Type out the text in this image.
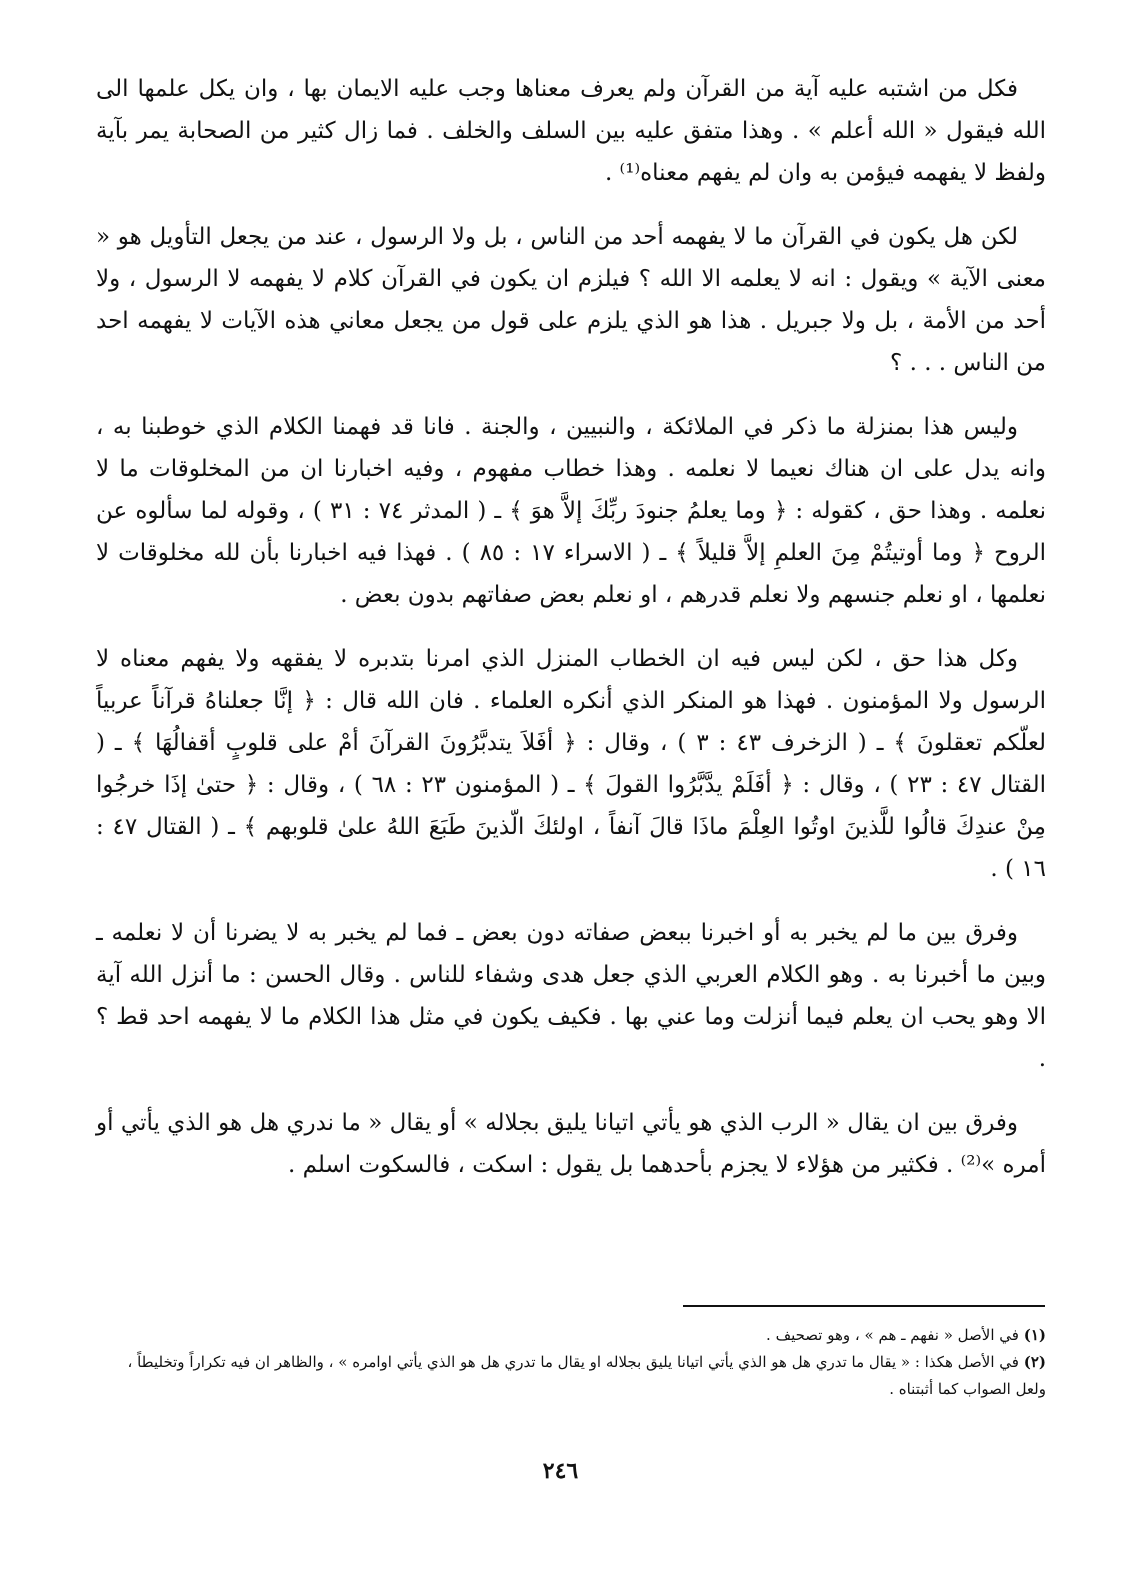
فكل من اشتبه عليه آية من القرآن ولم يعرف معناها وجب عليه الايمان بها ، وان يكل علمها الى الله فيقول « الله أعلم » . وهذا متفق عليه بين السلف والخلف . فما زال كثير من الصحابة يمر بآية ولفظ لا يفهمه فيؤمن به وان لم يفهم معناه⁽¹⁾ .

لكن هل يكون في القرآن ما لا يفهمه أحد من الناس ، بل ولا الرسول ، عند من يجعل التأويل هو « معنى الآية » ويقول : انه لا يعلمه الا الله ؟ فيلزم ان يكون في القرآن كلام لا يفهمه لا الرسول ، ولا أحد من الأمة ، بل ولا جبريل . هذا هو الذي يلزم على قول من يجعل معاني هذه الآيات لا يفهمه احد من الناس . . . ؟

وليس هذا بمنزلة ما ذكر في الملائكة ، والنبيين ، والجنة . فانا قد فهمنا الكلام الذي خوطبنا به ، وانه يدل على ان هناك نعيما لا نعلمه . وهذا خطاب مفهوم ، وفيه اخبارنا ان من المخلوقات ما لا نعلمه . وهذا حق ، كقوله : ﴿ وما يعلمُ جنودَ ربِّكَ إلاَّ هوَ ﴾ ـ ( المدثر ٧٤ : ٣١ ) ، وقوله لما سألوه عن الروح ﴿ وما أوتيتُمْ مِنَ العلمِ إلاَّ قليلاً ﴾ ـ ( الاسراء ١٧ : ٨٥ ) . فهذا فيه اخبارنا بأن لله مخلوقات لا نعلمها ، او نعلم جنسهم ولا نعلم قدرهم ، او نعلم بعض صفاتهم بدون بعض .

وكل هذا حق ، لكن ليس فيه ان الخطاب المنزل الذي امرنا بتدبره لا يفقهه ولا يفهم معناه لا الرسول ولا المؤمنون . فهذا هو المنكر الذي أنكره العلماء . فان الله قال : ﴿ إنَّا جعلناهُ قرآناً عربياً لعلّكم تعقلونَ ﴾ ـ ( الزخرف ٤٣ : ٣ ) ، وقال : ﴿ أفَلاَ يتدبَّرُونَ القرآنَ أمْ على قلوبٍ أقفالُهَا ﴾ ـ ( القتال ٤٧ : ٢٣ ) ، وقال : ﴿ أفَلَمْ يدَّبَّرُوا القولَ ﴾ ـ ( المؤمنون ٢٣ : ٦٨ ) ، وقال : ﴿ حتىٰ إذَا خرجُوا مِنْ عندِكَ قالُوا للَّذينَ اوتُوا العِلْمَ ماذَا قالَ آنفاً ، اولئكَ الّذينَ طَبَعَ اللهُ علىٰ قلوبهم ﴾ ـ ( القتال ٤٧ : ١٦ ) .

وفرق بين ما لم يخبر به أو اخبرنا ببعض صفاته دون بعض ـ فما لم يخبر به لا يضرنا أن لا نعلمه ـ وبين ما أخبرنا به . وهو الكلام العربي الذي جعل هدى وشفاء للناس . وقال الحسن : ما أنزل الله آية الا وهو يحب ان يعلم فيما أنزلت وما عني بها . فكيف يكون في مثل هذا الكلام ما لا يفهمه احد قط ؟ .

وفرق بين ان يقال « الرب الذي هو يأتي اتيانا يليق بجلاله » أو يقال « ما ندري هل هو الذي يأتي أو أمره »⁽²⁾ . فكثير من هؤلاء لا يجزم بأحدهما بل يقول : اسكت ، فالسكوت اسلم .

(١) في الأصل « نفهم ـ هم » ، وهو تصحيف .

(٢) في الأصل هكذا : « يقال ما تدري هل هو الذي يأتي اتيانا يليق بجلاله او يقال ما تدري هل هو الذي يأتي اوامره » ، والظاهر ان فيه تكراراً وتخليطاً ، ولعل الصواب كما أثبتناه .

٢٤٦
